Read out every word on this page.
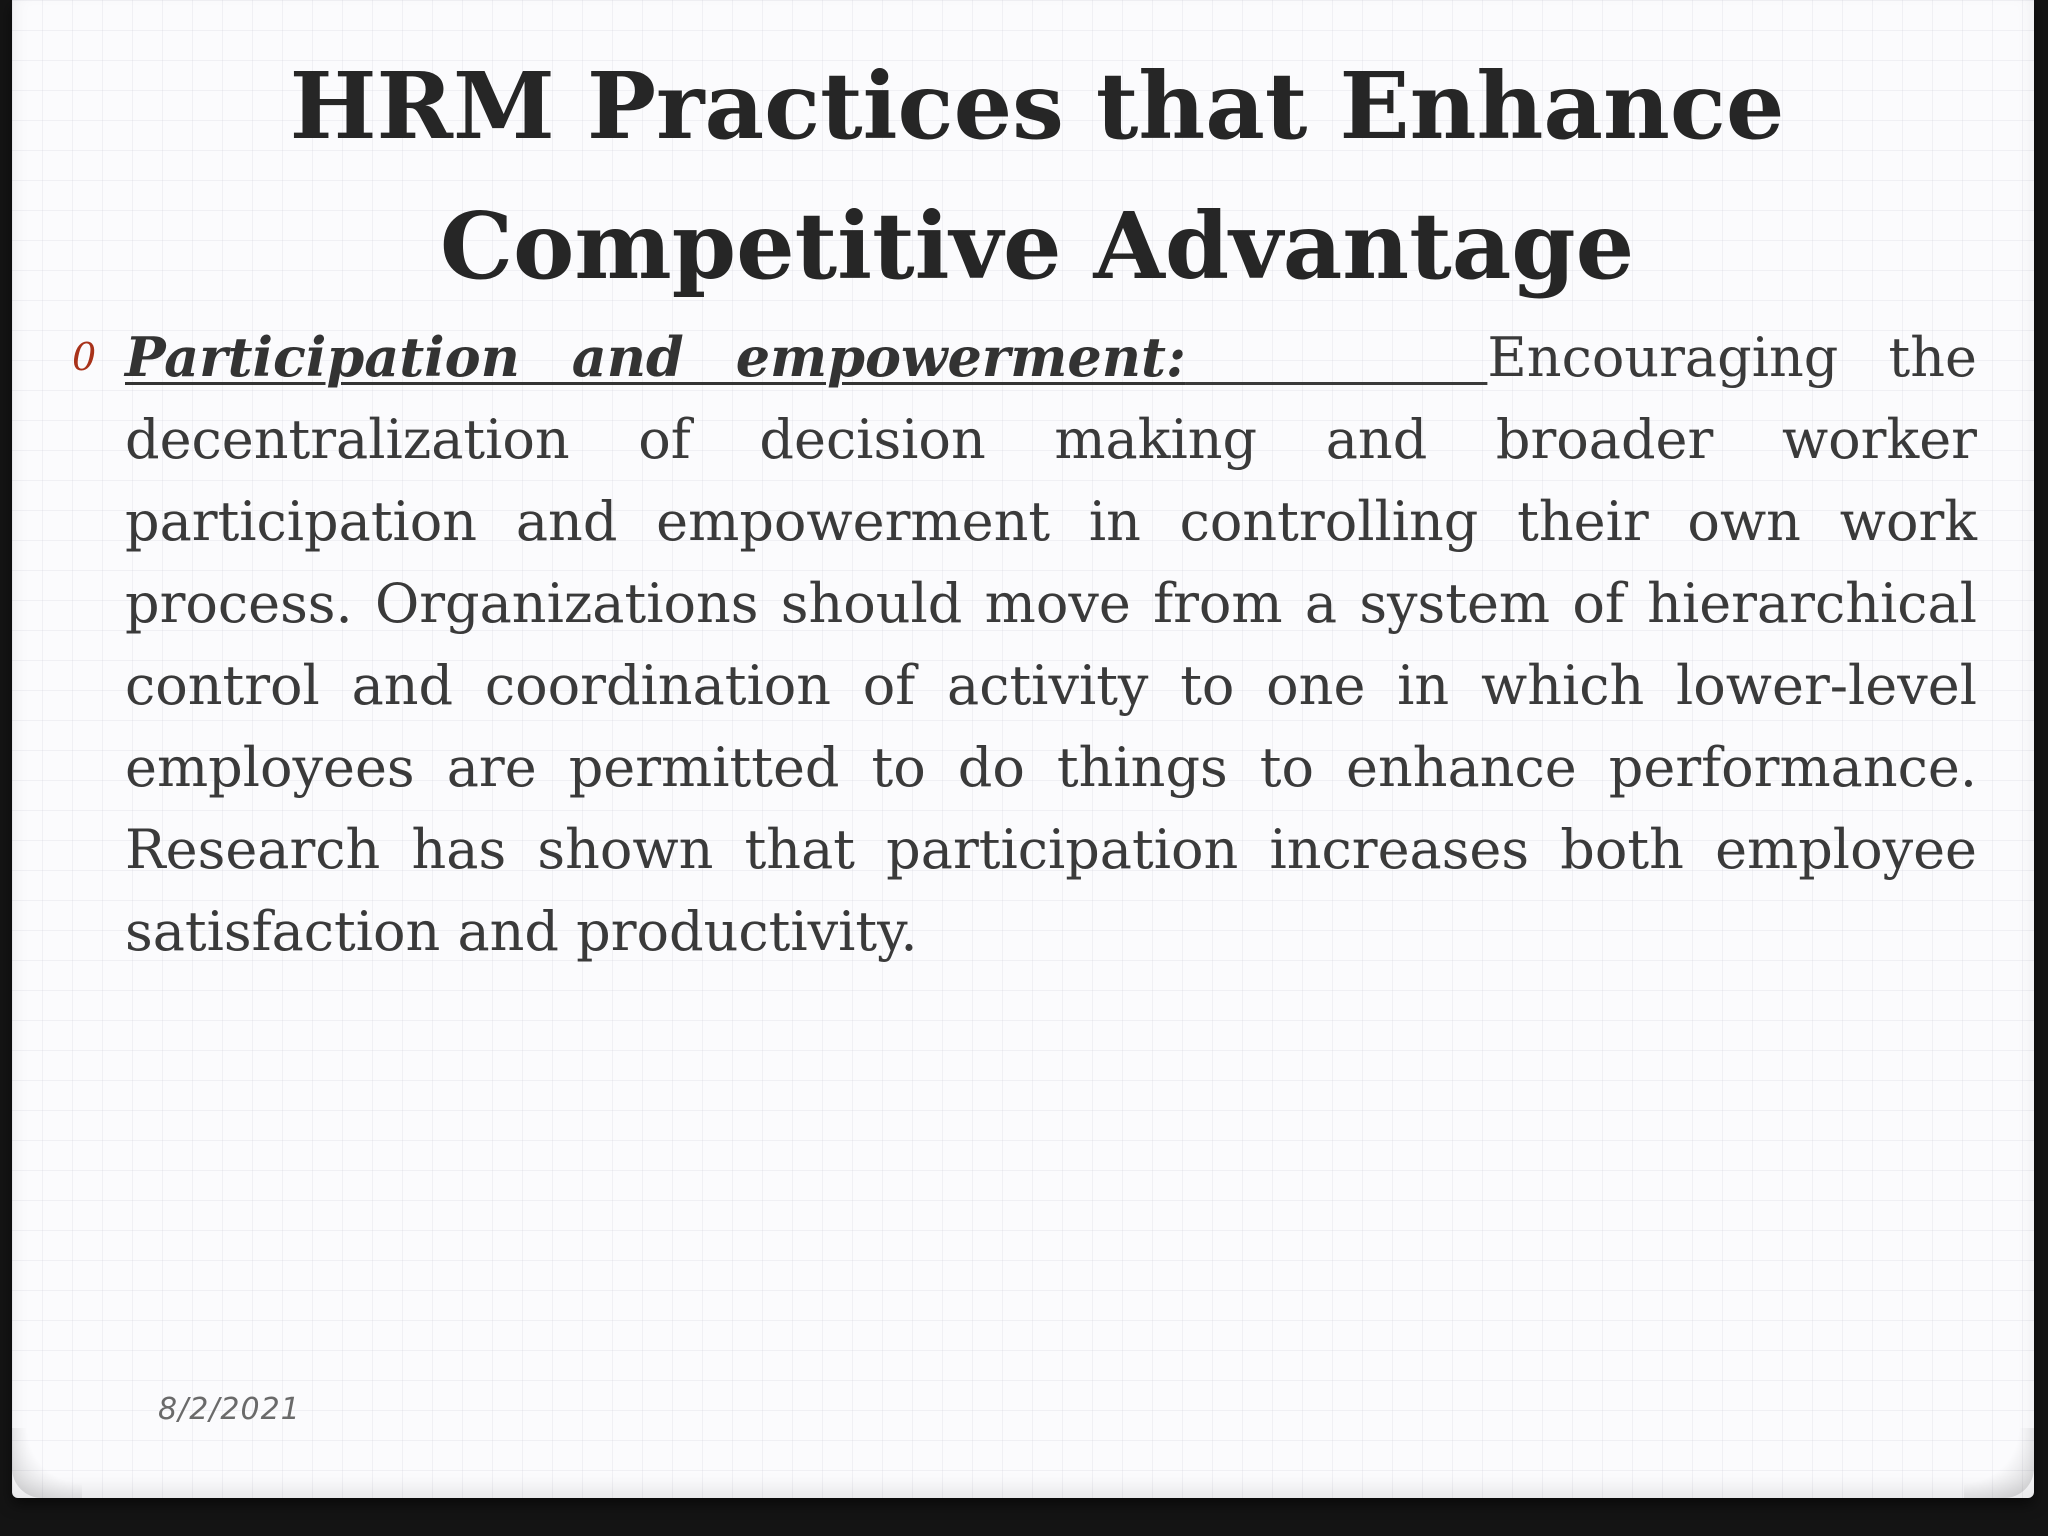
HRM Practices that Enhance Competitive Advantage
0 Participation and empowerment:	Encouraging the decentralization of decision making and broader worker participation and empowerment in controlling their own work process. Organizations should move from a system of hierarchical control and coordination of activity to one in which lower-level employees are permitted to do things to enhance performance. Research has shown that participation increases both employee satisfaction and productivity.

8/2/2021
